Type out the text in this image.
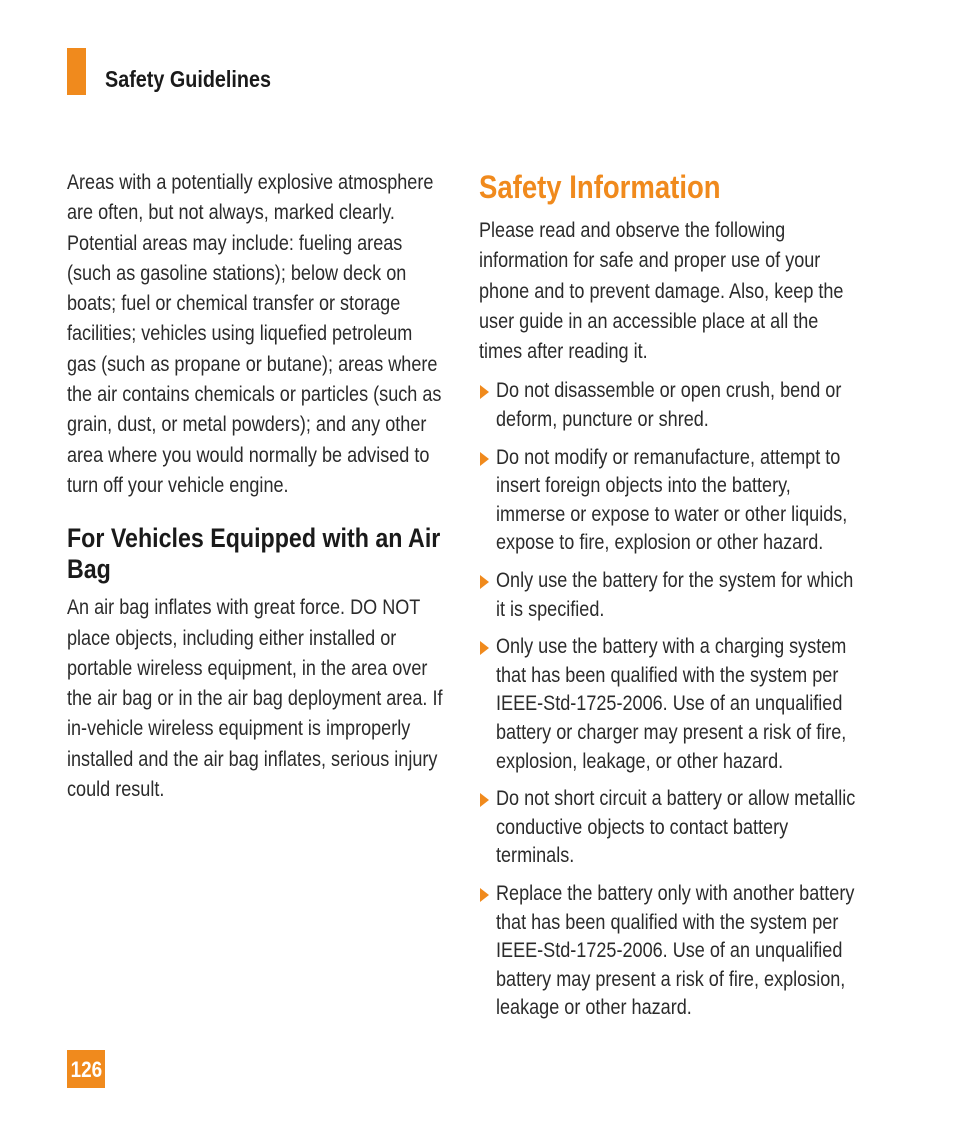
Safety Guidelines

Areas with a potentially explosive atmosphere are often, but not always, marked clearly. Potential areas may include: fueling areas (such as gasoline stations); below deck on boats; fuel or chemical transfer or storage facilities; vehicles using liquefied petroleum gas (such as propane or butane); areas where the air contains chemicals or particles (such as grain, dust, or metal powders); and any other area where you would normally be advised to turn off your vehicle engine.

For Vehicles Equipped with an Air Bag

An air bag inflates with great force. DO NOT place objects, including either installed or portable wireless equipment, in the area over the air bag or in the air bag deployment area. If in-vehicle wireless equipment is improperly installed and the air bag inflates, serious injury could result.

Safety Information

Please read and observe the following information for safe and proper use of your phone and to prevent damage. Also, keep the user guide in an accessible place at all the times after reading it.

Do not disassemble or open crush, bend or deform, puncture or shred.
Do not modify or remanufacture, attempt to insert foreign objects into the battery, immerse or expose to water or other liquids, expose to fire, explosion or other hazard.
Only use the battery for the system for which it is specified.
Only use the battery with a charging system that has been qualified with the system per IEEE-Std-1725-2006. Use of an unqualified battery or charger may present a risk of fire, explosion, leakage, or other hazard.
Do not short circuit a battery or allow metallic conductive objects to contact battery terminals.
Replace the battery only with another battery that has been qualified with the system per IEEE-Std-1725-2006. Use of an unqualified battery may present a risk of fire, explosion, leakage or other hazard.
126
